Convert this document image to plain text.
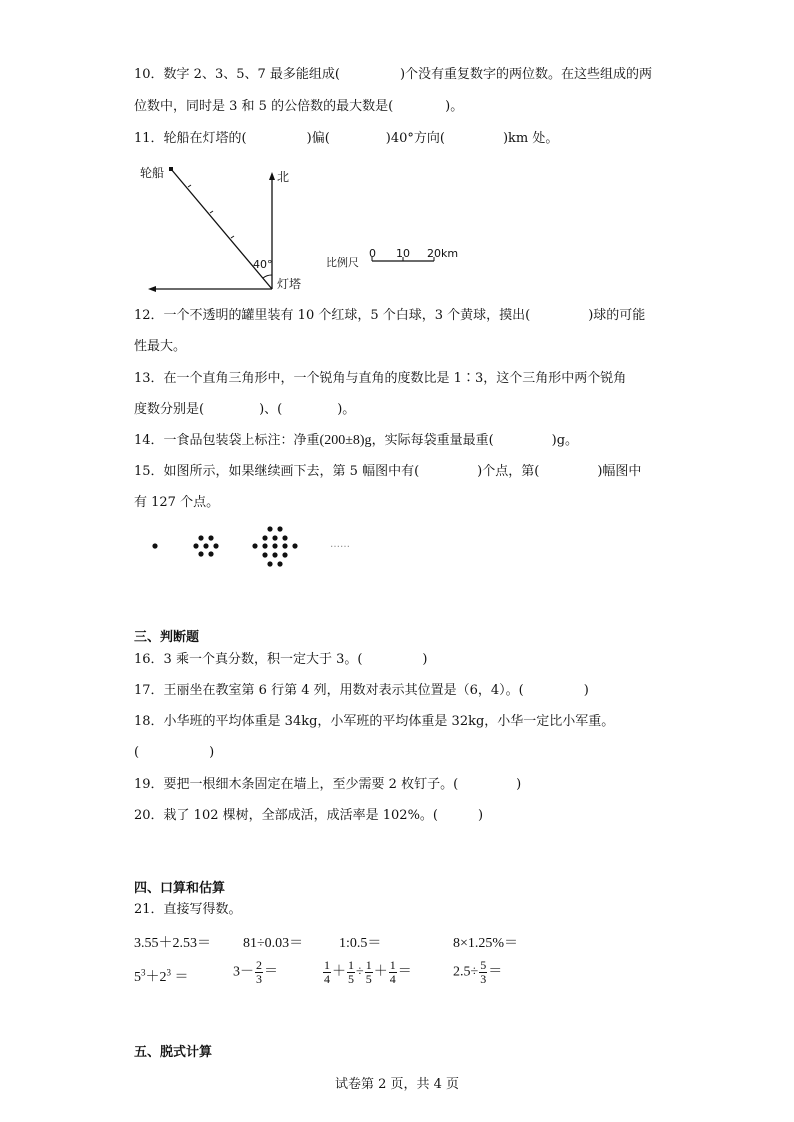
10．数字 2、3、5、7 最多能组成(	)个没有重复数字的两位数。在这些组成的两
位数中，同时是 3 和 5 的公倍数的最大数是(	)。
11．轮船在灯塔的(	)偏(	)40°方向(	)km 处。
轮船	北
40°
灯塔
比例尺
0 10 20km
12．一个不透明的罐里装有 10 个红球，5 个白球，3 个黄球，摸出(	)球的可能
性最大。
13．在一个直角三角形中，一个锐角与直角的度数比是 1∶3，这个三角形中两个锐角
度数分别是(	)、(	)。
14．一食品包装袋上标注：净重(200±8)g，实际每袋重量最重(	)g。
15．如图所示，如果继续画下去，第 5 幅图中有(	)个点，第(	)幅图中
有 127 个点。
……
三、判断题
16．3 乘一个真分数，积一定大于 3。(	)
17．王丽坐在教室第 6 行第 4 列，用数对表示其位置是（6，4）。(	)
18．小华班的平均体重是 34kg，小军班的平均体重是 32kg，小华一定比小军重。
(	)
19．要把一根细木条固定在墙上，至少需要 2 枚钉子。(	)
20．栽了 102 棵树，全部成活，成活率是 102%。(	)
四、口算和估算
21．直接写得数。
3.55＋2.53＝ 81÷0.03＝	1:0.5＝	8×1.25%＝
$5^3+2^3$ ＝	$3- \frac{2}{3}$ ＝	$\frac{1}{4} + \frac{1}{5} \div \frac{1}{5} + \frac{1}{4}$ ＝	$2.5\div \frac{5}{3}$ ＝
五、脱式计算
试卷第 2 页，共 4 页
